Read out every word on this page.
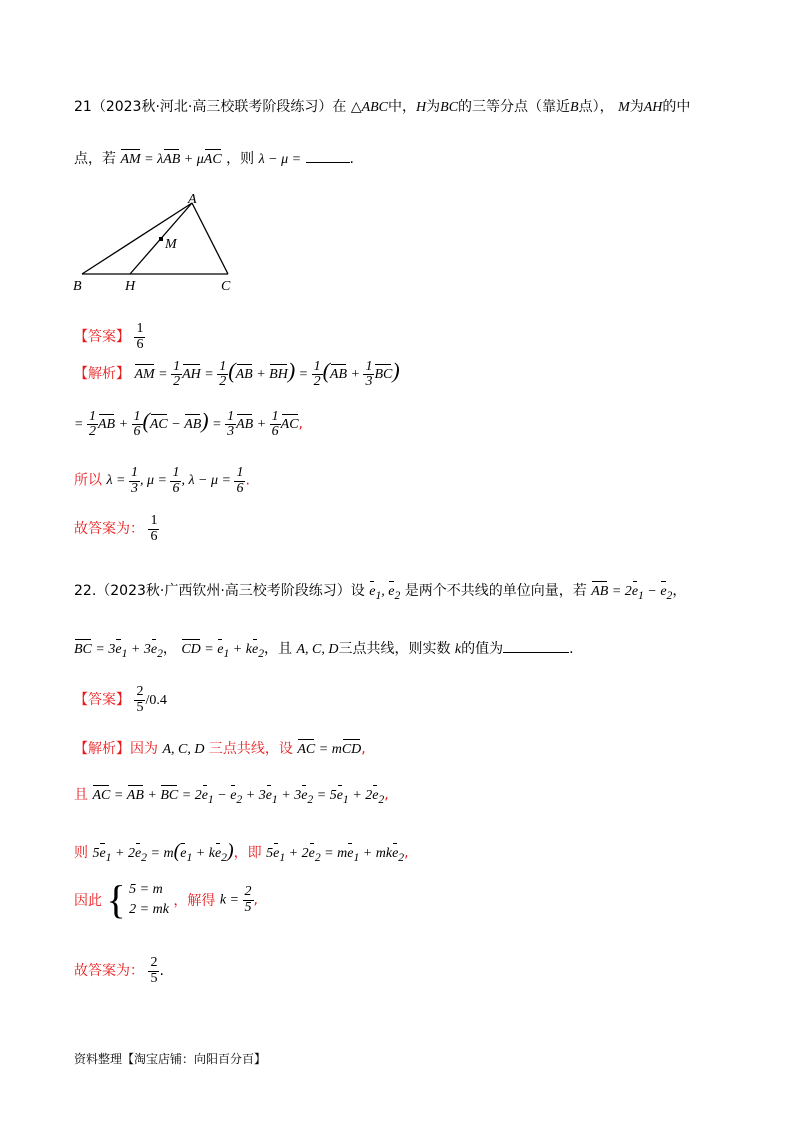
21（2023秋·河北·高三校联考阶段练习）在 △ABC中，H为BC的三等分点（靠近B点）， M为AH的中
点，若 AM = λAB + μAC ，则 λ − μ =	.
A
M
B	H	C
【答案】 $\frac{1}{6}$
【解析】 AM = $\frac{1}{2}$ AH = $\frac{1}{2} (AB + BH) = \frac{1}{2} (AB + \frac{1}{3} BC)$
= $\frac{1}{2}$ AB + $\frac{1}{6} (AC - AB) = \frac{1}{3}$ AB + $\frac{1}{6}$ AC,
所以 $\lambda = \frac{1}{3}$ , $\mu = \frac{1}{6}$ , $\lambda - \mu = \frac{1}{6}$ .
故答案为： $\frac{1}{6}$
22.（2023秋·广西钦州·高三校考阶段练习）设 $e_1$, $e_2$ 是两个不共线的单位向量，若 AB = $2e_1 - e_2$，
BC = $3e_1 + 3e_2$， CD = $e_1 + ke_2$，且 A, C, D三点共线，则实数 k的值为	.
【答案】 $\frac{2}{5} /0.4$
【解析】因为 A, C, D 三点共线，设 AC = mCD,
且 AC = AB + BC = $2e_1 - e_2 + 3e_1 + 3e_2 = 5e_1 + 2e_2$,
则 $5e_1 + 2e_2 = m(e_1 + ke_2)$，即 $5e_1 + 2e_2 = me_1 + mke_2$,
因此 { 5 = m
2 = mk ，解得 $k = \frac{2}{5}$ ,
故答案为： $\frac{2}{5}$ .
资料整理【淘宝店铺：向阳百分百】
